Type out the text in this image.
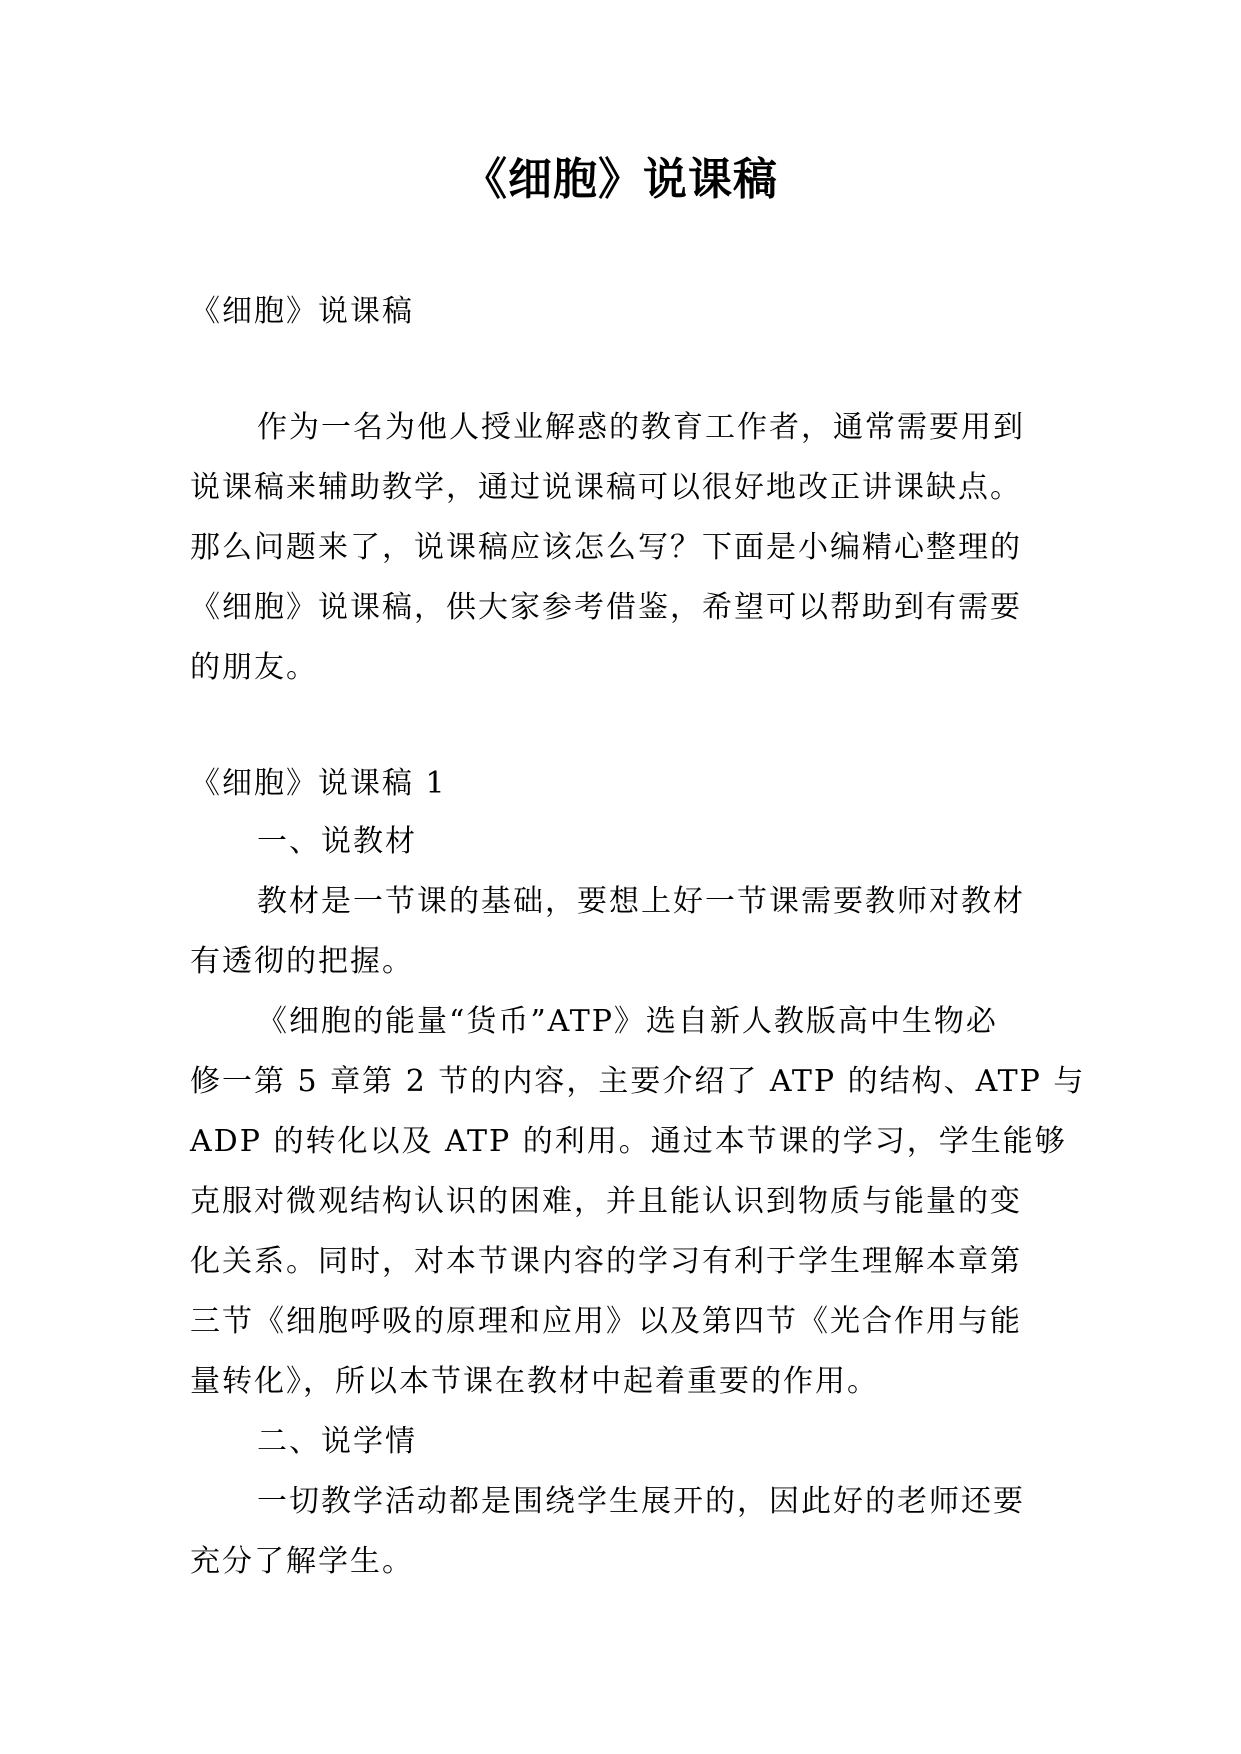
《细胞》说课稿
《细胞》说课稿
作为一名为他人授业解惑的教育工作者，通常需要用到
说课稿来辅助教学，通过说课稿可以很好地改正讲课缺点。
那么问题来了，说课稿应该怎么写？下面是小编精心整理的
《细胞》说课稿，供大家参考借鉴，希望可以帮助到有需要
的朋友。
《细胞》说课稿 1
一、说教材
教材是一节课的基础，要想上好一节课需要教师对教材
有透彻的把握。
《细胞的能量“货币”ATP》选自新人教版高中生物必
修一第 5 章第 2 节的内容，主要介绍了 ATP 的结构、ATP 与
ADP 的转化以及 ATP 的利用。通过本节课的学习，学生能够
克服对微观结构认识的困难，并且能认识到物质与能量的变
化关系。同时，对本节课内容的学习有利于学生理解本章第
三节《细胞呼吸的原理和应用》以及第四节《光合作用与能
量转化》，所以本节课在教材中起着重要的作用。
二、说学情
一切教学活动都是围绕学生展开的，因此好的老师还要
充分了解学生。
